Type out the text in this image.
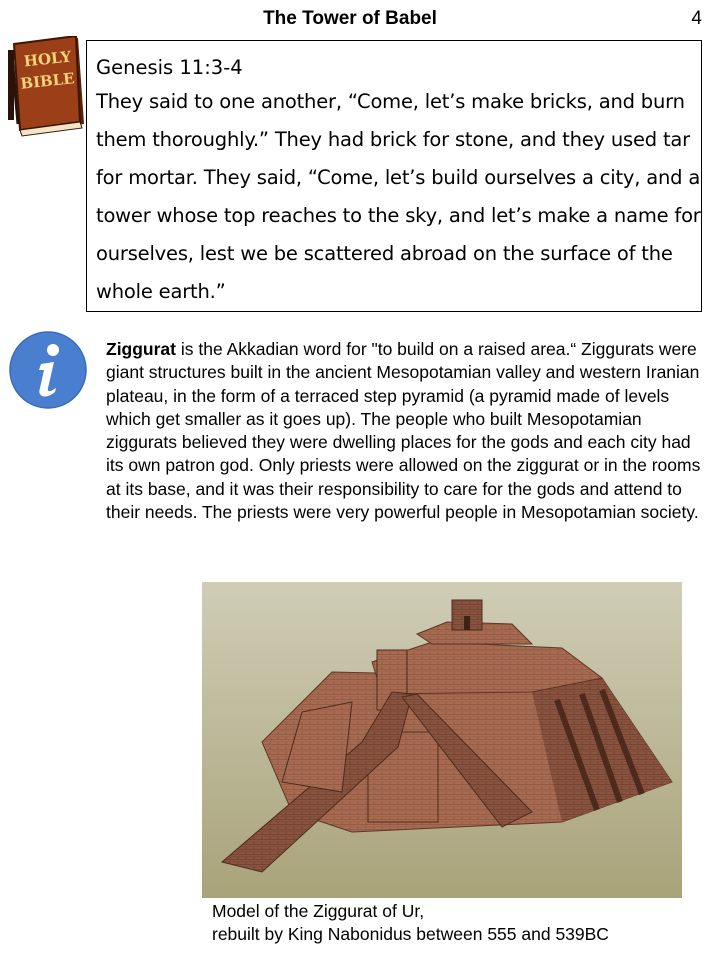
The Tower of Babel	4
HOLY
BIBLE
Genesis 11:3-4
They said to one another, “Come, let’s make bricks, and burn them thoroughly.” They had brick for stone, and they used tar for mortar. They said, “Come, let’s build ourselves a city, and a tower whose top reaches to the sky, and let’s make a name for ourselves, lest we be scattered abroad on the surface of the whole earth.”
Ziggurat is the Akkadian word for "to build on a raised area.“ Ziggurats were giant structures built in the ancient Mesopotamian valley and western Iranian plateau, in the form of a terraced step pyramid (a pyramid made of levels which get smaller as it goes up). The people who built Mesopotamian ziggurats believed they were dwelling places for the gods and each city had its own patron god. Only priests were allowed on the ziggurat or in the rooms at its base, and it was their responsibility to care for the gods and attend to their needs. The priests were very powerful people in Mesopotamian society.
Model of the Ziggurat of Ur,
rebuilt by King Nabonidus between 555 and 539BC
